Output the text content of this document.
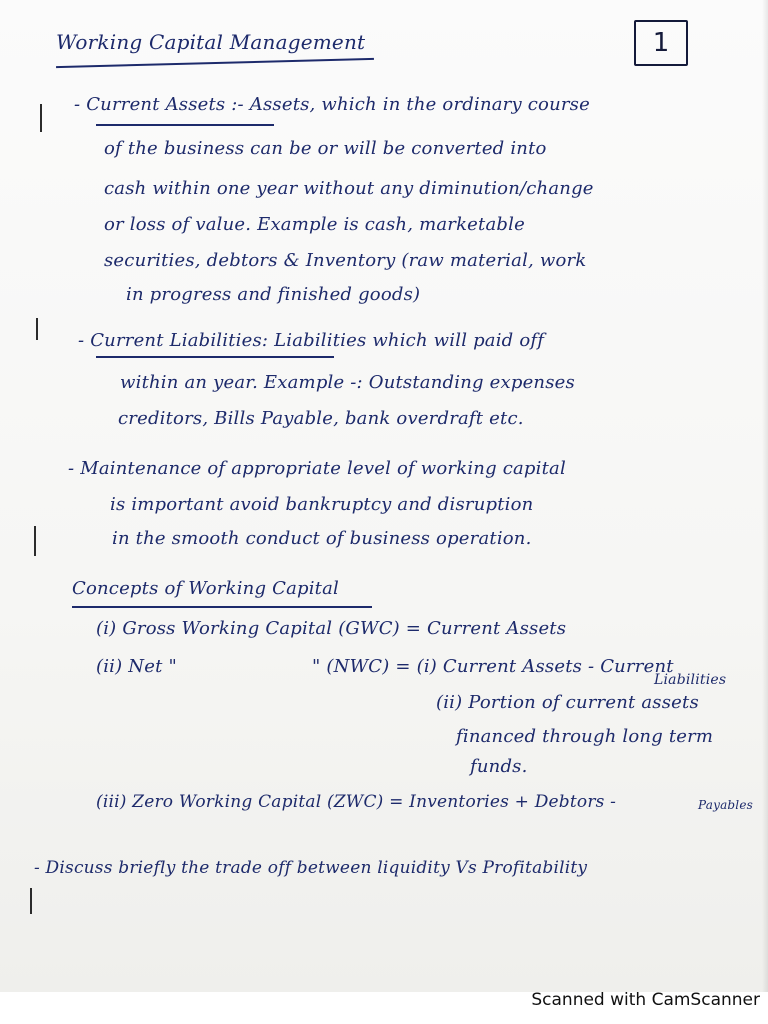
Working Capital Management	1
- Current Assets :- Assets, which in the ordinary course
of the business can be or will be converted into
cash within one year without any diminution/change
or loss of value. Example is cash, marketable
securities, debtors & Inventory (raw material, work
in progress and finished goods)
- Current Liabilities: Liabilities which will paid off
within an year. Example -: Outstanding expenses
creditors, Bills Payable, bank overdraft etc.
- Maintenance of appropriate level of working capital
is important avoid bankruptcy and disruption
in the smooth conduct of business operation.
Concepts of Working Capital
(i) Gross Working Capital (GWC) = Current Assets
(ii) Net "	" (NWC) = (i) Current Assets - Current
Liabilities
(ii) Portion of current assets
financed through long term
funds.
(iii) Zero Working Capital (ZWC) = Inventories + Debtors -	Payables
- Discuss briefly the trade off between liquidity Vs Profitability
Scanned with CamScanner
